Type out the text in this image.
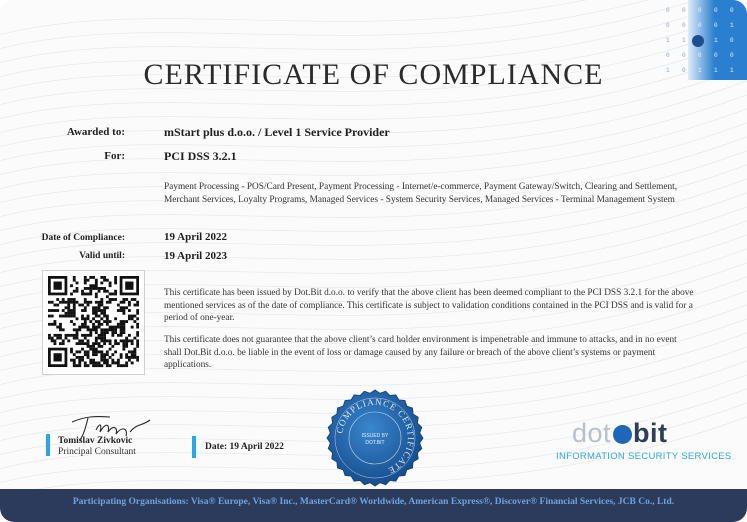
0 0 0 0 0
0 0 0 0 1
1 1	1 0
0 0 0 0 0
1 0 1 1 1
CERTIFICATE OF COMPLIANCE
Awarded to:	mStart plus d.o.o. / Level 1 Service Provider
For:	PCI DSS 3.2.1
Payment Processing - POS/Card Present, Payment Processing - Internet/e-commerce, Payment Gateway/Switch, Clearing and Settlement,
Merchant Services, Loyalty Programs, Managed Services - System Security Services, Managed Services - Terminal Management System
Date of Compliance:	19 April 2022
Valid until:	19 April 2023
This certificate has been issued by Dot.Bit d.o.o. to verify that the above client has been deemed compliant to the PCI DSS 3.2.1 for the above
mentioned services as of the date of compliance. This certificate is subject to validation conditions contained in the PCI DSS and is valid for a
period of one-year.
This certificate does not guarantee that the above client’s card holder environment is impenetrable and immune to attacks, and in no event
shall Dot.Bit d.o.o. be liable in the event of loss or damage caused by any failure or breach of the above client’s systems or payment
applications.
Tomislav Zivkovic
Principal Consultant	Date: 19 April 2022
COMPLIANCE CERTIFICATE
ISSUED BY
DOT.BIT	dot bit
INFORMATION SECURITY SERVICES
Participating Organisations: Visa® Europe, Visa® Inc., MasterCard® Worldwide, American Express®, Discover® Financial Services, JCB Co., Ltd.
